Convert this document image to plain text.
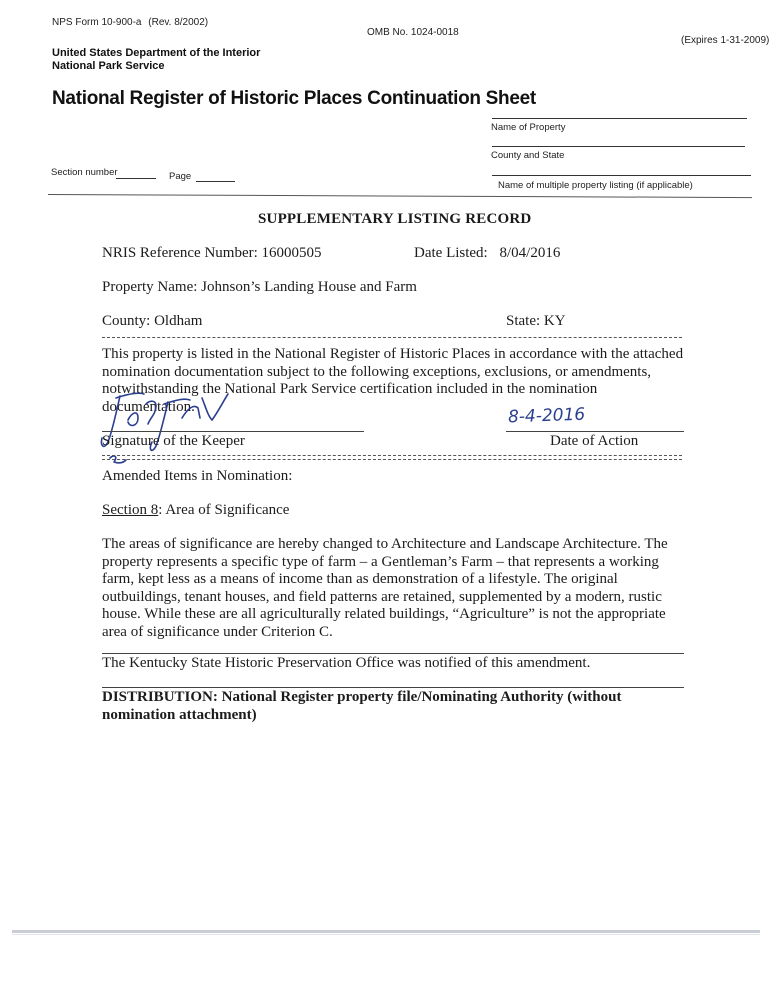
NPS Form 10-900-a (Rev. 8/2002)
OMB No. 1024-0018
(Expires 1-31-2009)
United States Department of the Interior
National Park Service
National Register of Historic Places Continuation Sheet
Name of Property
County and State
Section number	Page
Name of multiple property listing (if applicable)
SUPPLEMENTARY LISTING RECORD
NRIS Reference Number: 16000505	Date Listed: 8/04/2016
Property Name: Johnson’s Landing House and Farm
County: Oldham	State: KY
This property is listed in the National Register of Historic Places in accordance with the attached nomination documentation subject to the following exceptions, exclusions, or amendments, notwithstanding the National Park Service certification included in the nomination documentation.
Signature of the Keeper
8-4-2016
Date of Action
Amended Items in Nomination:
Section 8: Area of Significance
The areas of significance are hereby changed to Architecture and Landscape Architecture. The property represents a specific type of farm – a Gentleman’s Farm – that represents a working farm, kept less as a means of income than as demonstration of a lifestyle. The original outbuildings, tenant houses, and field patterns are retained, supplemented by a modern, rustic house. While these are all agriculturally related buildings, “Agriculture” is not the appropriate area of significance under Criterion C.
The Kentucky State Historic Preservation Office was notified of this amendment.
DISTRIBUTION: National Register property file/Nominating Authority (without nomination attachment)
